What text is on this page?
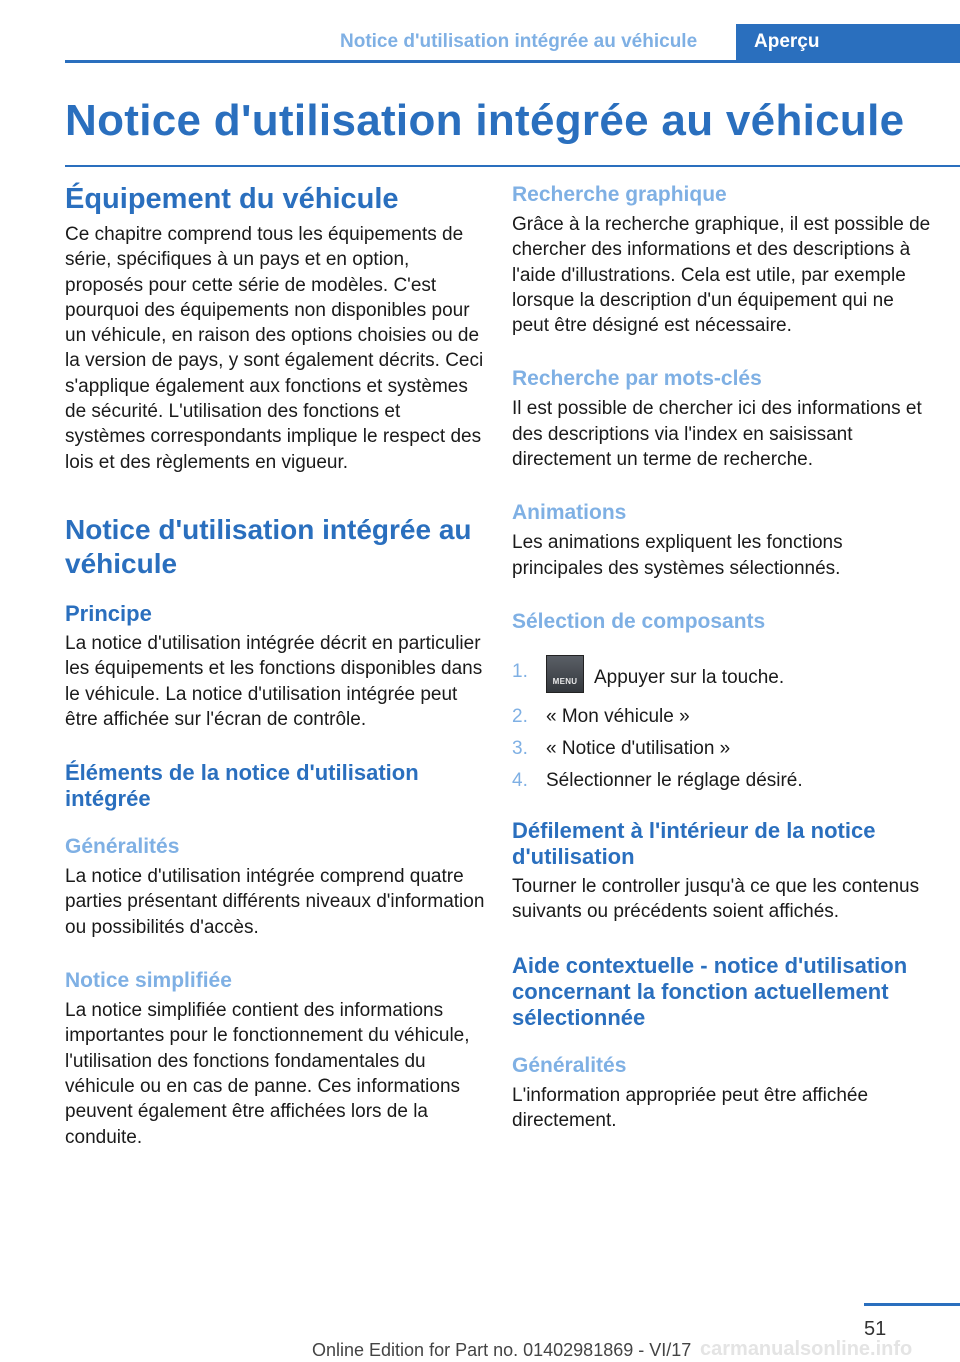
Notice d'utilisation intégrée au véhicule	Aperçu
Notice d'utilisation intégrée au véhicule
Équipement du véhicule

Ce chapitre comprend tous les équipements de série, spécifiques à un pays et en option, proposés pour cette série de modèles. C'est pourquoi des équipements non disponibles pour un véhicule, en raison des options choisies ou de la version de pays, y sont également décrits. Ceci s'applique également aux fonctions et systèmes de sécurité. L'utilisation des fonctions et systèmes correspondants implique le respect des lois et des règlements en vigueur.

Notice d'utilisation intégrée au véhicule
Principe

La notice d'utilisation intégrée décrit en particulier les équipements et les fonctions disponibles dans le véhicule. La notice d'utilisation intégrée peut être affichée sur l'écran de contrôle.

Éléments de la notice d'utilisation intégrée
Généralités

La notice d'utilisation intégrée comprend quatre parties présentant différents niveaux d'information ou possibilités d'accès.

Notice simplifiée

La notice simplifiée contient des informations importantes pour le fonctionnement du véhicule, l'utilisation des fonctions fondamentales du véhicule ou en cas de panne. Ces informations peuvent également être affichées lors de la conduite.

Recherche graphique

Grâce à la recherche graphique, il est possible de chercher des informations et des descriptions à l'aide d'illustrations. Cela est utile, par exemple lorsque la description d'un équipement qui ne peut être désigné est nécessaire.

Recherche par mots-clés

Il est possible de chercher ici des informations et des descriptions via l'index en saisissant directement un terme de recherche.

Animations

Les animations expliquent les fonctions principales des systèmes sélectionnés.

Sélection de composants
1.	MENU Appuyer sur la touche.
2. « Mon véhicule »
3. « Notice d'utilisation »
4. Sélectionner le réglage désiré.
Défilement à l'intérieur de la notice d'utilisation

Tourner le controller jusqu'à ce que les contenus suivants ou précédents soient affichés.

Aide contextuelle - notice d'utilisation concernant la fonction actuellement sélectionnée
Généralités

L'information appropriée peut être affichée directement.

51
carmanualsonline.info
Online Edition for Part no. 01402981869 - VI/17
